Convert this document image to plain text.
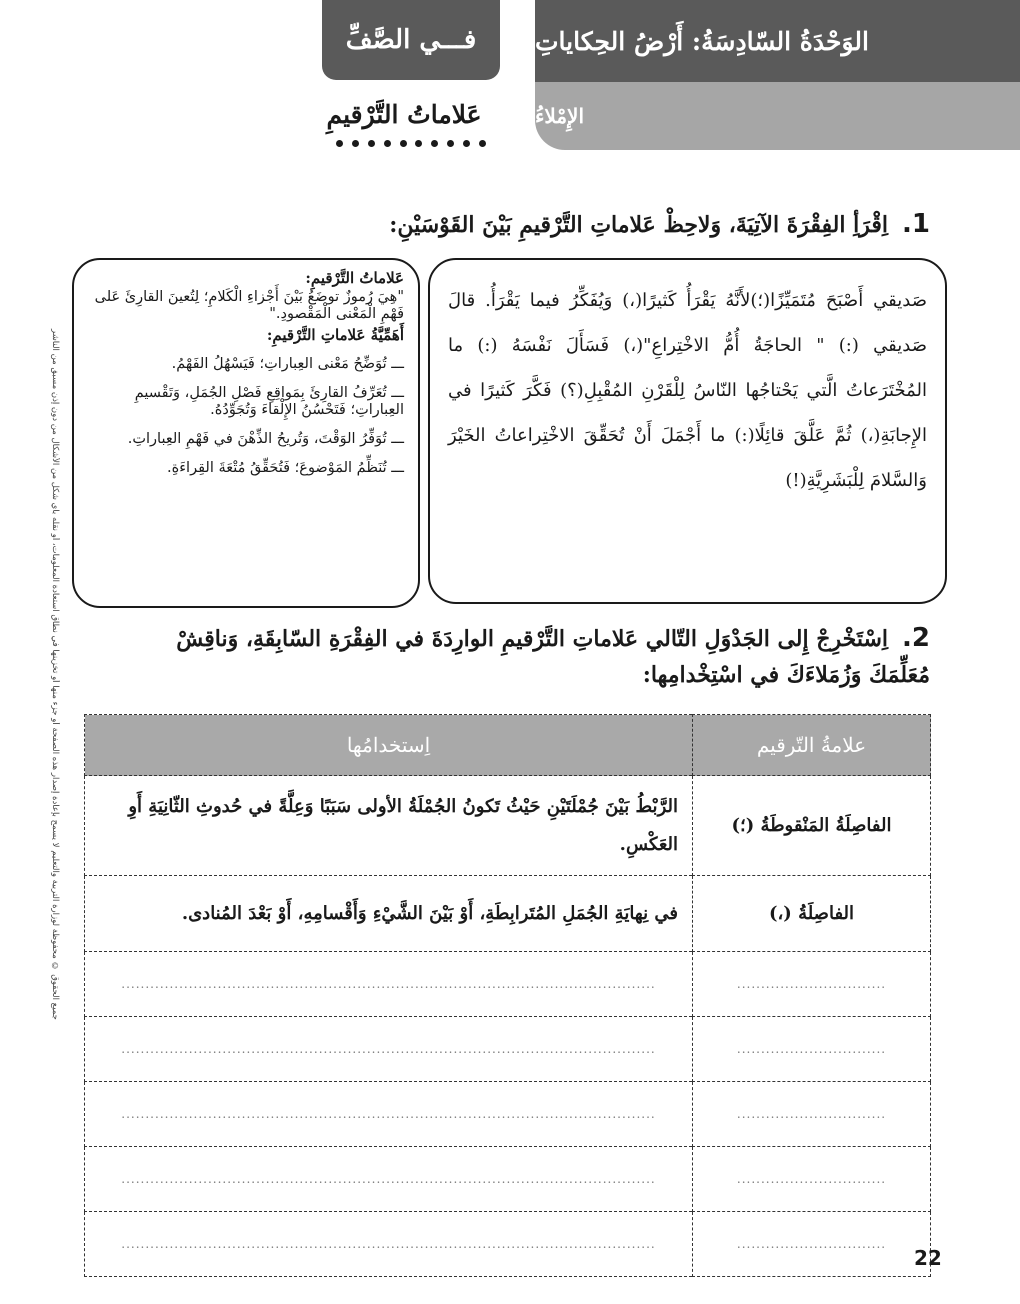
فـــي الصَّفِّ الوَحْدَةُ السّادِسَةُ: أَرْضُ الحِكاياتِ
الإِمْلاءُ
عَلاماتُ التَّرْقيمِ
جميع الحقوق © محفوظة لوزارة التربية والتعليم لا يسمح بإعادة إصدار هذه الصفحة أو جزء منها أو تخزينها في نطاق استعادة المعلومات، أو نقله بأي شكل من الأشكال من دون إذن مسبق من الناشر
1.اِقْرَأِ الفِقْرَةَ الآتِيَةَ، وَلاحِظْ عَلاماتِ التَّرْقيمِ بَيْنَ القَوْسَيْنِ:

صَديقي أَصْبَحَ مُتَمَيِّزًا(؛)لأَنَّهُ يَقْرَأُ كَثيرًا(،) وَيُفَكِّرُ فيما يَقْرَأُ. قالَ صَديقي (:) " الحاجَةُ أُمُّ الاخْتِراعِ"(،) فَسَأَلَ نَفْسَهُ (:) ما المُخْتَرَعاتُ الَّتي يَحْتاجُها النّاسُ لِلْقَرْنِ المُقْبِلِ(؟) فَكَّرَ كَثيرًا في الإِجابَةِ(،) ثُمَّ عَلَّقَ قائِلًا(:) ما أَجْمَلَ أَنْ تُحَقِّقَ الاخْتِراعاتُ الخَيْرَ وَالسَّلامَ لِلْبَشَرِيَّةِ(!)

عَلاماتُ التَّرْقيمِ:
"هِيَ رُموزٌ توضَعُ بَيْنَ أَجْزاءِ الْكَلامِ؛ لِتُعينَ القارِئَ عَلى فَهْمِ الْمَعْنى الْمَقْصودِ."
أَهَمِّيَّةُ عَلاماتِ التَّرْقيمِ:
ـــ تُوَضِّحُ مَعْنى العِباراتِ؛ فَيَسْهُلُ الفَهْمُ.
ـــ تُعَرِّفُ القارِئَ بِمَواقِعِ فَصْلِ الجُمَلِ، وَتَقْسيمِ العِباراتِ؛ فَتَحْسُنُ الإِلْقاءَ وَتُجَوِّدُهُ.
ـــ تُوَفِّرُ الوَقْتَ، وَتُريحُ الذِّهْنَ في فَهْمِ العِباراتِ.
ـــ تُنَظِّمُ المَوْضوعَ؛ فَتُحَقِّقُ مُتْعَةَ القِراءَةِ.
2.اِسْتَخْرِجْ إِلى الجَدْوَلِ التّالي عَلاماتِ التَّرْقيمِ الوارِدَةَ في الفِقْرَةِ السّابِقَةِ، وَناقِشْ مُعَلِّمَكَ وَزُمَلاءَكَ في اسْتِخْدامِها:
علامةُ التّرقيم	اِستخدامُها
الفاصِلَةُ المَنْقوطَةُ (؛)	الرَّبْطُ بَيْنَ جُمْلَتَيْنِ حَيْثُ تَكونُ الجُمْلَةُ الأولى سَبَبًا وَعِلَّةً في حُدوثِ الثّانِيَةِ أَوِ العَكْسِ.
الفاصِلَةُ (،)	في نِهايَةِ الجُمَلِ المُتَرابِطَةِ، أَوْ بَيْنَ الشَّيْءِ وَأَقْسامِهِ، أَوْ بَعْدَ المُنادى.
...............................	...............................................................................................................
...............................	...............................................................................................................
...............................	...............................................................................................................
...............................	...............................................................................................................
...............................	...............................................................................................................
22
